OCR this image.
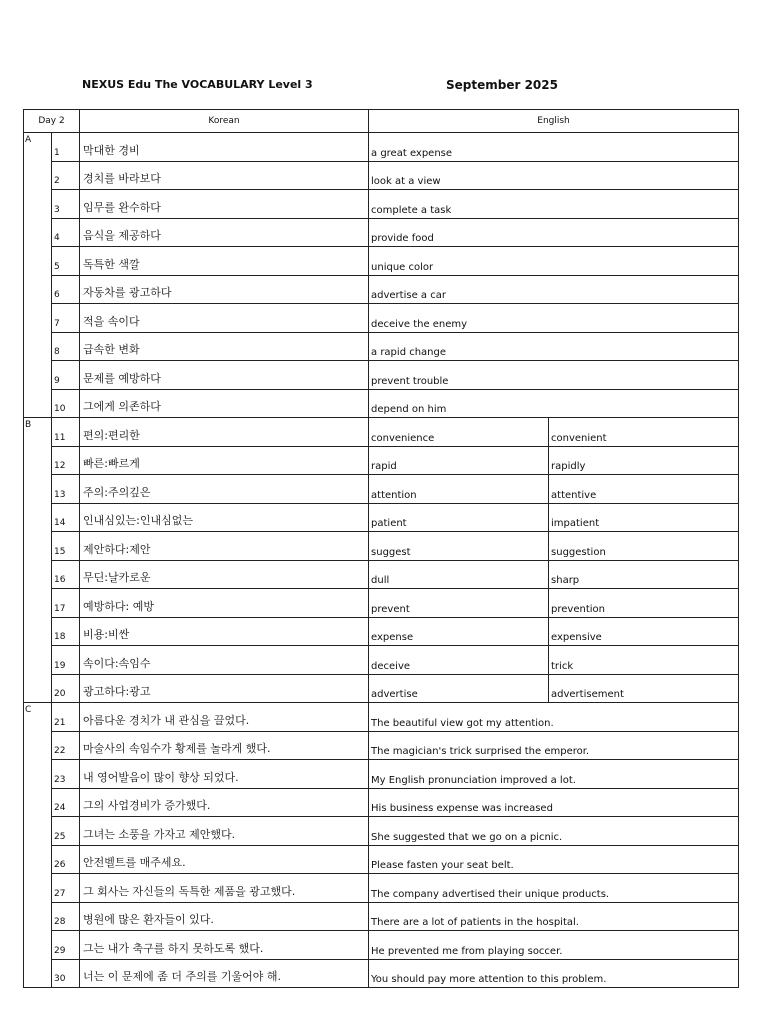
NEXUS Edu The VOCABULARY Level 3	September 2025
Day 2		Korean	English	
A	1	막대한 경비	a great expense	
	2	경치를 바라보다	look at a view	
	3	임무를 완수하다	complete a task	
	4	음식을 제공하다	provide food	
	5	독특한 색깔	unique color	
	6	자동차를 광고하다	advertise a car	
	7	적을 속이다	deceive the enemy	
	8	급속한 변화	a rapid change	
	9	문제를 예방하다	prevent trouble	
	10	그에게 의존하다	depend on him	
B	11	편의:편리한	convenience	convenient
	12	빠른:빠르게	rapid	rapidly
	13	주의:주의깊은	attention	attentive
	14	인내심있는:인내심없는	patient	impatient
	15	제안하다:제안	suggest	suggestion
	16	무딘:날카로운	dull	sharp
	17	예방하다: 예방	prevent	prevention
	18	비용:비싼	expense	expensive
	19	속이다:속임수	deceive	trick
	20	광고하다:광고	advertise	advertisement
C	21	아름다운 경치가 내 관심을 끌었다.	The beautiful view got my attention.	
	22	마술사의 속임수가 황제를 놀라게 했다.	The magician's trick surprised the emperor.	
	23	내 영어발음이 많이 향상 되었다.	My English pronunciation improved a lot.	
	24	그의 사업경비가 증가했다.	His business expense was increased	
	25	그녀는 소풍을 가자고 제안했다.	She suggested that we go on a picnic.	
	26	안전벨트를 매주세요.	Please fasten your seat belt.	
	27	그 회사는 자신들의 독특한 제품을 광고했다.	The company advertised their unique products.	
	28	병원에 많은 환자들이 있다.	There are a lot of patients in the hospital.	
	29	그는 내가 축구를 하지 못하도록 했다.	He prevented me from playing soccer.	
	30	너는 이 문제에 좀 더 주의를 기울어야 해.	You should pay more attention to this problem.	
